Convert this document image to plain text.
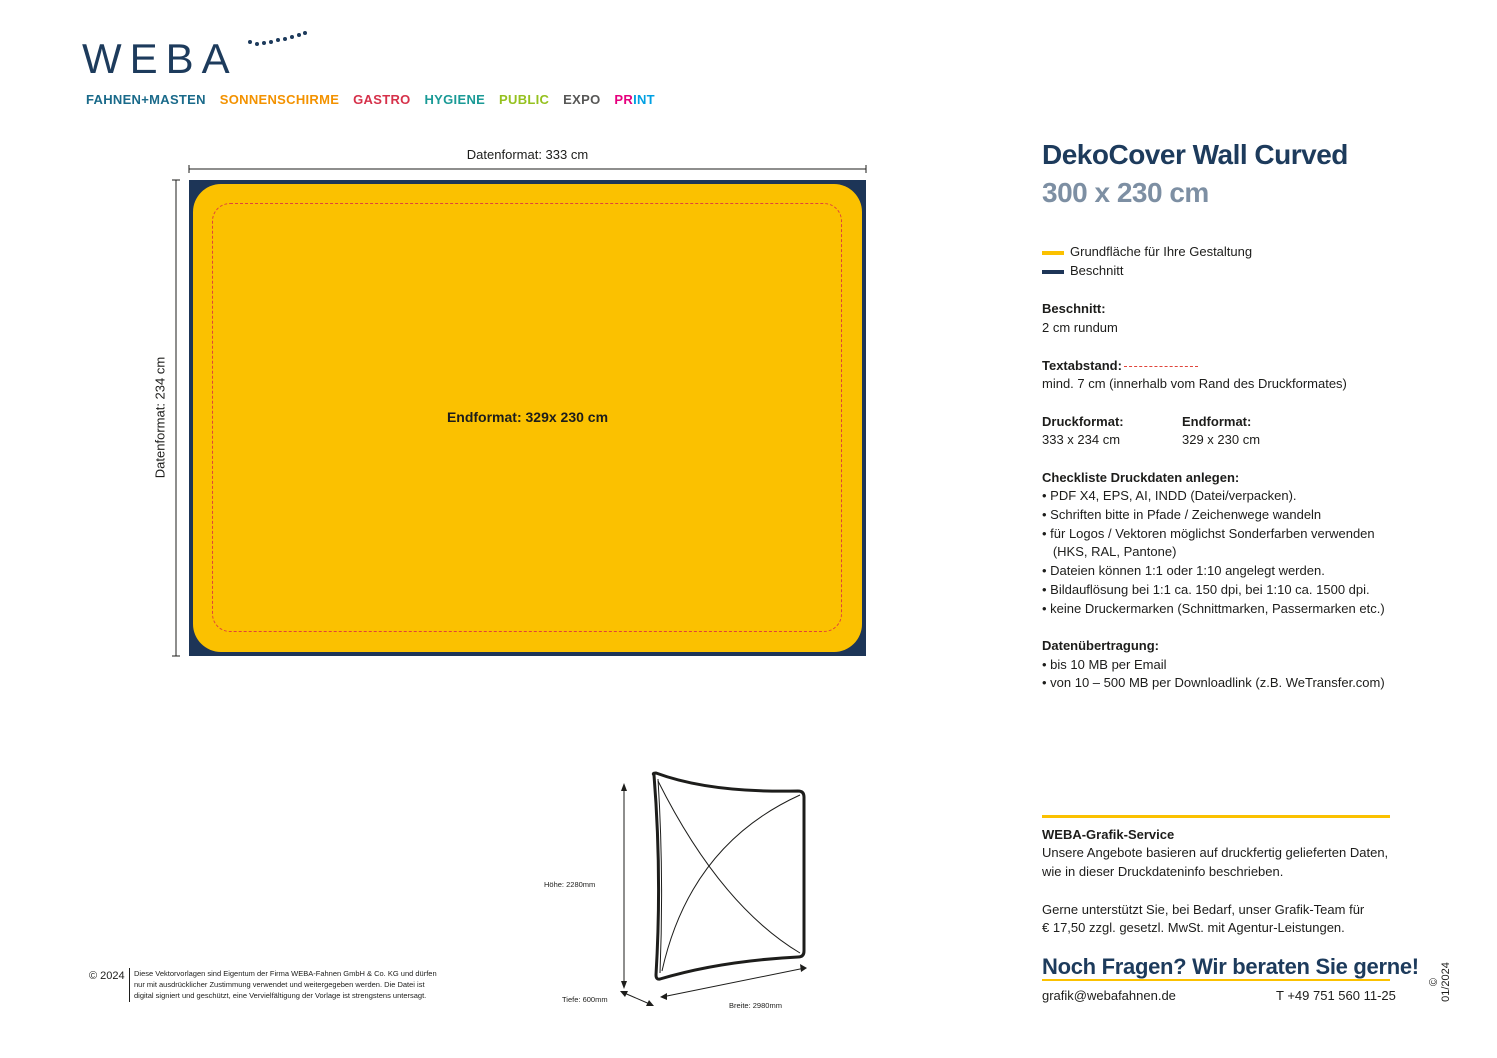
WEBA
FAHNEN+MASTEN SONNENSCHIRME GASTRO HYGIENE PUBLIC EXPO PRINT
Datenformat: 333 cm
Datenformat: 234 cm	Endformat: 329x 230 cm
DekoCover Wall Curved
300 x 230 cm
Grundfläche für Ihre Gestaltung
Beschnitt
Beschnitt:
2 cm rundum
Textabstand:
mind. 7 cm (innerhalb vom Rand des Druckformates)
Druckformat:
333 x 234 cm
Endformat:
329 x 230 cm
Checkliste Druckdaten anlegen:
• PDF X4, EPS, AI, INDD (Datei/verpacken).
• Schriften bitte in Pfade / Zeichenwege wandeln
• für Logos / Vektoren möglichst Sonderfarben verwenden
(HKS, RAL, Pantone)
• Dateien können 1:1 oder 1:10 angelegt werden.
• Bildauflösung bei 1:1 ca. 150 dpi, bei 1:10 ca. 1500 dpi.
• keine Druckermarken (Schnittmarken, Passermarken etc.)
Datenübertragung:
• bis 10 MB per Email
• von 10 – 500 MB per Downloadlink (z.B. WeTransfer.com)
WEBA-Grafik-Service
Unsere Angebote basieren auf druckfertig gelieferten Daten,
wie in dieser Druckdateninfo beschrieben.
Gerne unterstützt Sie, bei Bedarf, unser Grafik-Team für
€ 17,50 zzgl. gesetzl. MwSt. mit Agentur-Leistungen.
Noch Fragen? Wir beraten Sie gerne!
grafik@webafahnen.de	T +49 751 560 11-25
Höhe: 2280mm
Tiefe: 600mm
Breite: 2980mm
© 2024 Diese Vektorvorlagen sind Eigentum der Firma WEBA-Fahnen GmbH & Co. KG und dürfen
nur mit ausdrücklicher Zustimmung verwendet und weitergegeben werden. Die Datei ist
digital signiert und geschützt, eine Vervielfältigung der Vorlage ist strengstens untersagt.
© 01/2024
